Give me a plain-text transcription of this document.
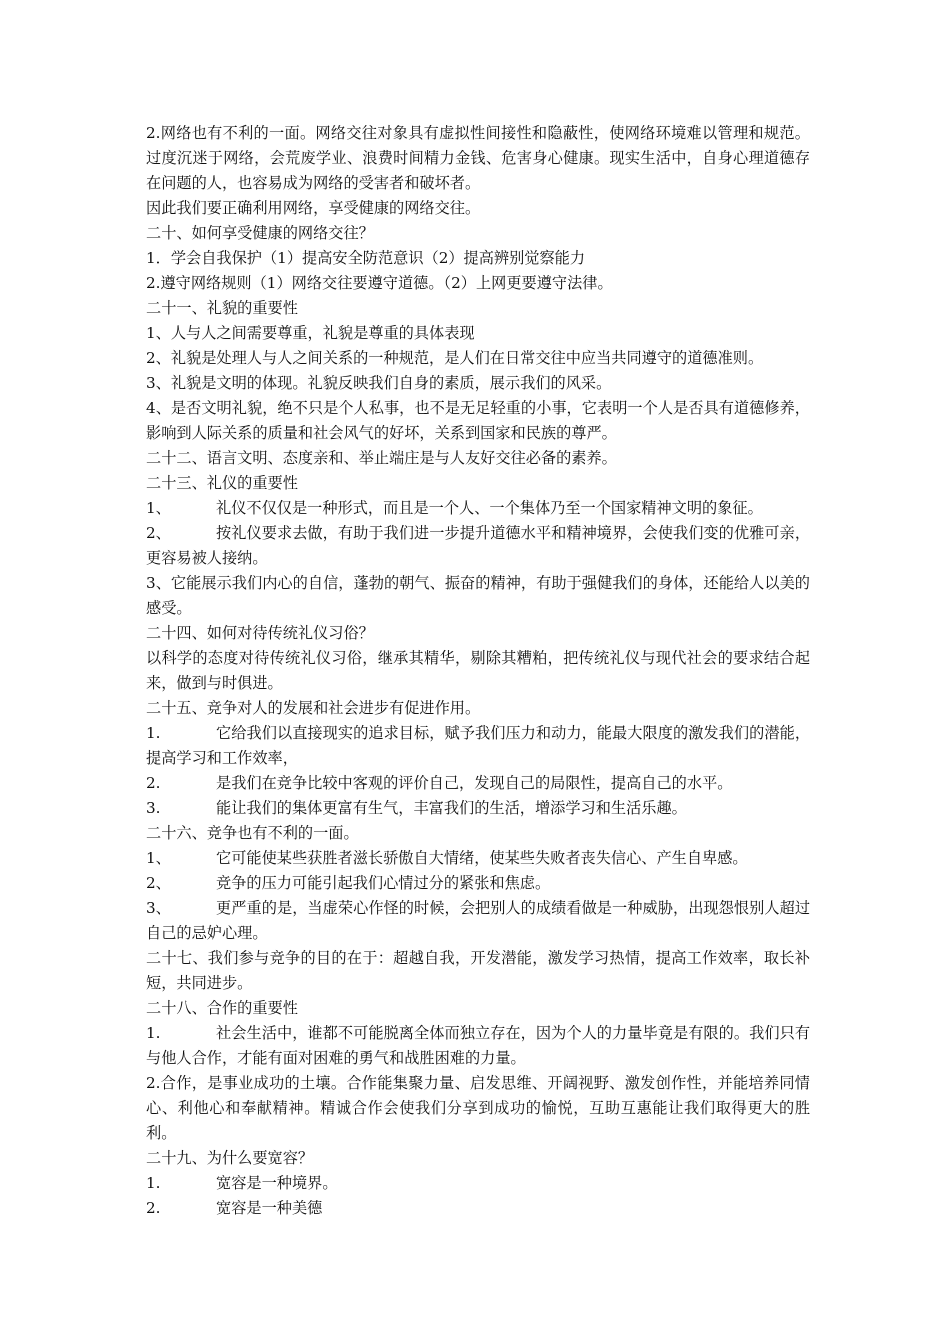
2.网络也有不利的一面。网络交往对象具有虚拟性间接性和隐蔽性，使网络环境难以管理和规范。过度沉迷于网络，会荒废学业、浪费时间精力金钱、危害身心健康。现实生活中，自身心理道德存在问题的人，也容易成为网络的受害者和破坏者。

因此我们要正确利用网络，享受健康的网络交往。

二十、如何享受健康的网络交往？

1．学会自我保护（1）提高安全防范意识（2）提高辨别觉察能力

2.遵守网络规则（1）网络交往要遵守道德。（2）上网更要遵守法律。

二十一、礼貌的重要性

1、人与人之间需要尊重，礼貌是尊重的具体表现

2、礼貌是处理人与人之间关系的一种规范，是人们在日常交往中应当共同遵守的道德准则。

3、礼貌是文明的体现。礼貌反映我们自身的素质，展示我们的风采。

4、是否文明礼貌，绝不只是个人私事，也不是无足轻重的小事，它表明一个人是否具有道德修养，影响到人际关系的质量和社会风气的好坏，关系到国家和民族的尊严。

二十二、语言文明、态度亲和、举止端庄是与人友好交往必备的素养。

二十三、礼仪的重要性

1、	礼仪不仅仅是一种形式，而且是一个人、一个集体乃至一个国家精神文明的象征。

2、	按礼仪要求去做，有助于我们进一步提升道德水平和精神境界，会使我们变的优雅可亲，更容易被人接纳。

3、它能展示我们内心的自信，蓬勃的朝气、振奋的精神，有助于强健我们的身体，还能给人以美的感受。

二十四、如何对待传统礼仪习俗？

以科学的态度对待传统礼仪习俗，继承其精华，剔除其糟粕，把传统礼仪与现代社会的要求结合起来，做到与时俱进。

二十五、竞争对人的发展和社会进步有促进作用。

1.	它给我们以直接现实的追求目标，赋予我们压力和动力，能最大限度的激发我们的潜能，提高学习和工作效率，

2.	是我们在竞争比较中客观的评价自己，发现自己的局限性，提高自己的水平。

3.	能让我们的集体更富有生气，丰富我们的生活，增添学习和生活乐趣。

二十六、竞争也有不利的一面。

1、	它可能使某些获胜者滋长骄傲自大情绪，使某些失败者丧失信心、产生自卑感。

2、	竞争的压力可能引起我们心情过分的紧张和焦虑。

3、	更严重的是，当虚荣心作怪的时候，会把别人的成绩看做是一种威胁，出现怨恨别人超过自己的忌妒心理。

二十七、我们参与竞争的目的在于：超越自我，开发潜能，激发学习热情，提高工作效率，取长补短，共同进步。

二十八、合作的重要性

1.	社会生活中，谁都不可能脱离全体而独立存在，因为个人的力量毕竟是有限的。我们只有与他人合作，才能有面对困难的勇气和战胜困难的力量。

2.合作，是事业成功的土壤。合作能集聚力量、启发思维、开阔视野、激发创作性，并能培养同情心、利他心和奉献精神。精诚合作会使我们分享到成功的愉悦，互助互惠能让我们取得更大的胜利。

二十九、为什么要宽容？

1.	宽容是一种境界。

2.	宽容是一种美德
